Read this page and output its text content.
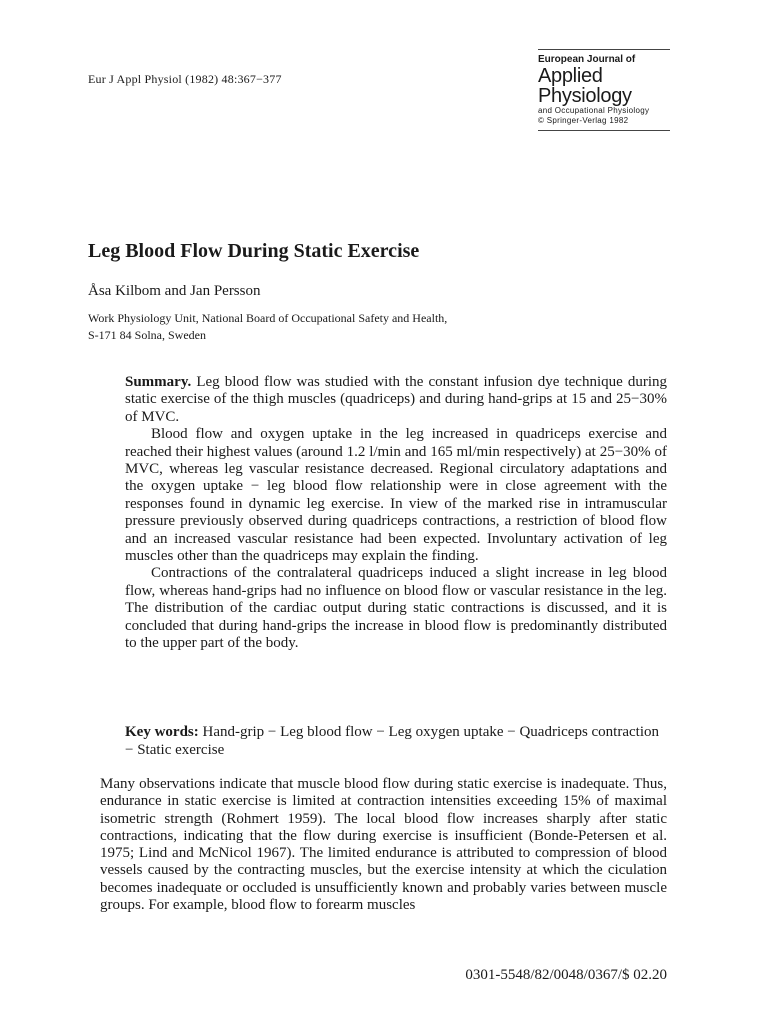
Eur J Appl Physiol (1982) 48:367−377
European Journal of
Applied
Physiology
and Occupational Physiology
© Springer-Verlag 1982
Leg Blood Flow During Static Exercise
Åsa Kilbom and Jan Persson
Work Physiology Unit, National Board of Occupational Safety and Health,
S-171 84 Solna, Sweden

Summary. Leg blood flow was studied with the constant infusion dye technique during static exercise of the thigh muscles (quadriceps) and during hand-grips at 15 and 25−30% of MVC.

Blood flow and oxygen uptake in the leg increased in quadriceps exercise and reached their highest values (around 1.2 l/min and 165 ml/min respectively) at 25−30% of MVC, whereas leg vascular resistance decreased. Regional circulatory adaptations and the oxygen uptake − leg blood flow relationship were in close agreement with the responses found in dynamic leg exercise. In view of the marked rise in intramuscular pressure previously observed during quadriceps contractions, a restriction of blood flow and an increased vascular resistance had been expected. Involuntary activation of leg muscles other than the quadriceps may explain the finding.

Contractions of the contralateral quadriceps induced a slight increase in leg blood flow, whereas hand-grips had no influence on blood flow or vascular resistance in the leg. The distribution of the cardiac output during static contractions is discussed, and it is concluded that during hand-grips the increase in blood flow is predominantly distributed to the upper part of the body.

Key words: Hand-grip − Leg blood flow − Leg oxygen uptake − Quadriceps contraction − Static exercise

Many observations indicate that muscle blood flow during static exercise is inadequate. Thus, endurance in static exercise is limited at contraction intensities exceeding 15% of maximal isometric strength (Rohmert 1959). The local blood flow increases sharply after static contractions, indicating that the flow during exercise is insufficient (Bonde-Petersen et al. 1975; Lind and McNicol 1967). The limited endurance is attributed to compression of blood vessels caused by the contracting muscles, but the exercise intensity at which the ciculation becomes inadequate or occluded is unsufficiently known and probably varies between muscle groups. For example, blood flow to forearm muscles

0301-5548/82/0048/0367/$ 02.20
